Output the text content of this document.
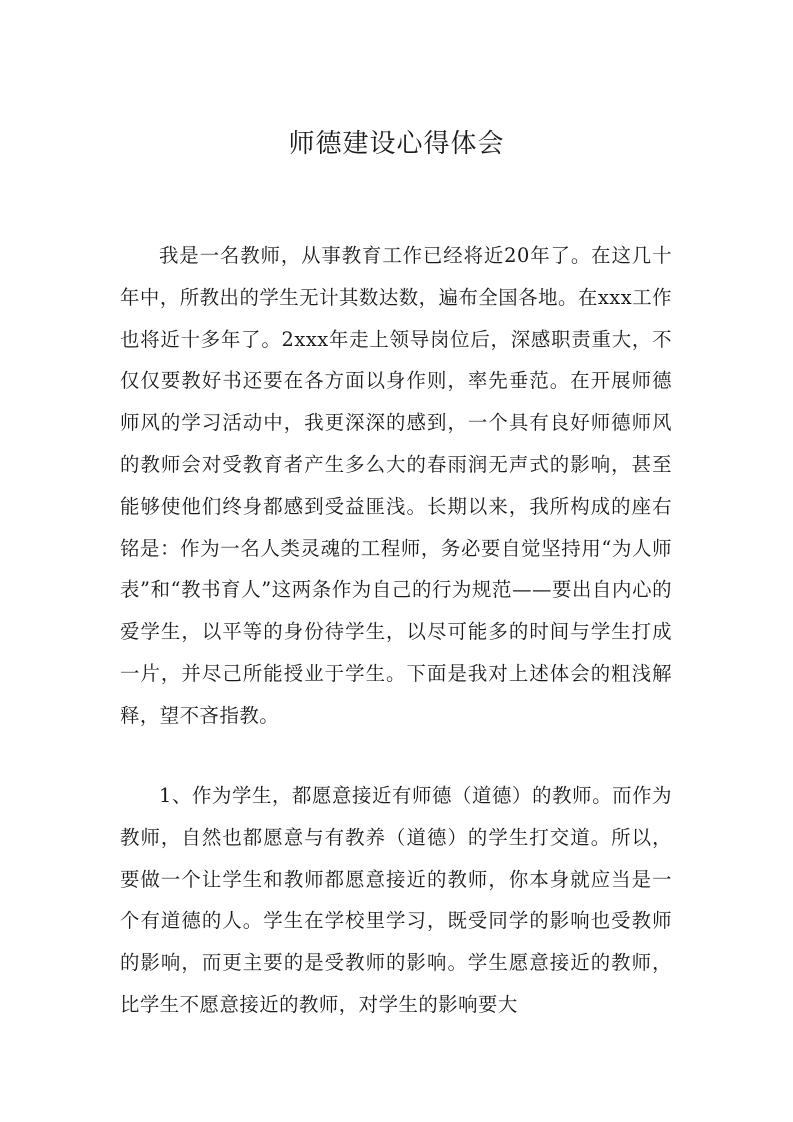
师德建设心得体会

我是一名教师，从事教育工作已经将近20年了。在这几十年中，所教出的学生无计其数达数，遍布全国各地。在xxx工作也将近十多年了。2xxx年走上领导岗位后，深感职责重大，不仅仅要教好书还要在各方面以身作则，率先垂范。在开展师德师风的学习活动中，我更深深的感到，一个具有良好师德师风的教师会对受教育者产生多么大的春雨润无声式的影响，甚至能够使他们终身都感到受益匪浅。长期以来，我所构成的座右铭是：作为一名人类灵魂的工程师，务必要自觉坚持用“为人师表”和“教书育人”这两条作为自己的行为规范——要出自内心的爱学生，以平等的身份待学生，以尽可能多的时间与学生打成一片，并尽己所能授业于学生。下面是我对上述体会的粗浅解释，望不吝指教。

1、作为学生，都愿意接近有师德（道德）的教师。而作为教师，自然也都愿意与有教养（道德）的学生打交道。所以，要做一个让学生和教师都愿意接近的教师，你本身就应当是一个有道德的人。学生在学校里学习，既受同学的影响也受教师的影响，而更主要的是受教师的影响。学生愿意接近的教师，比学生不愿意接近的教师，对学生的影响要大
